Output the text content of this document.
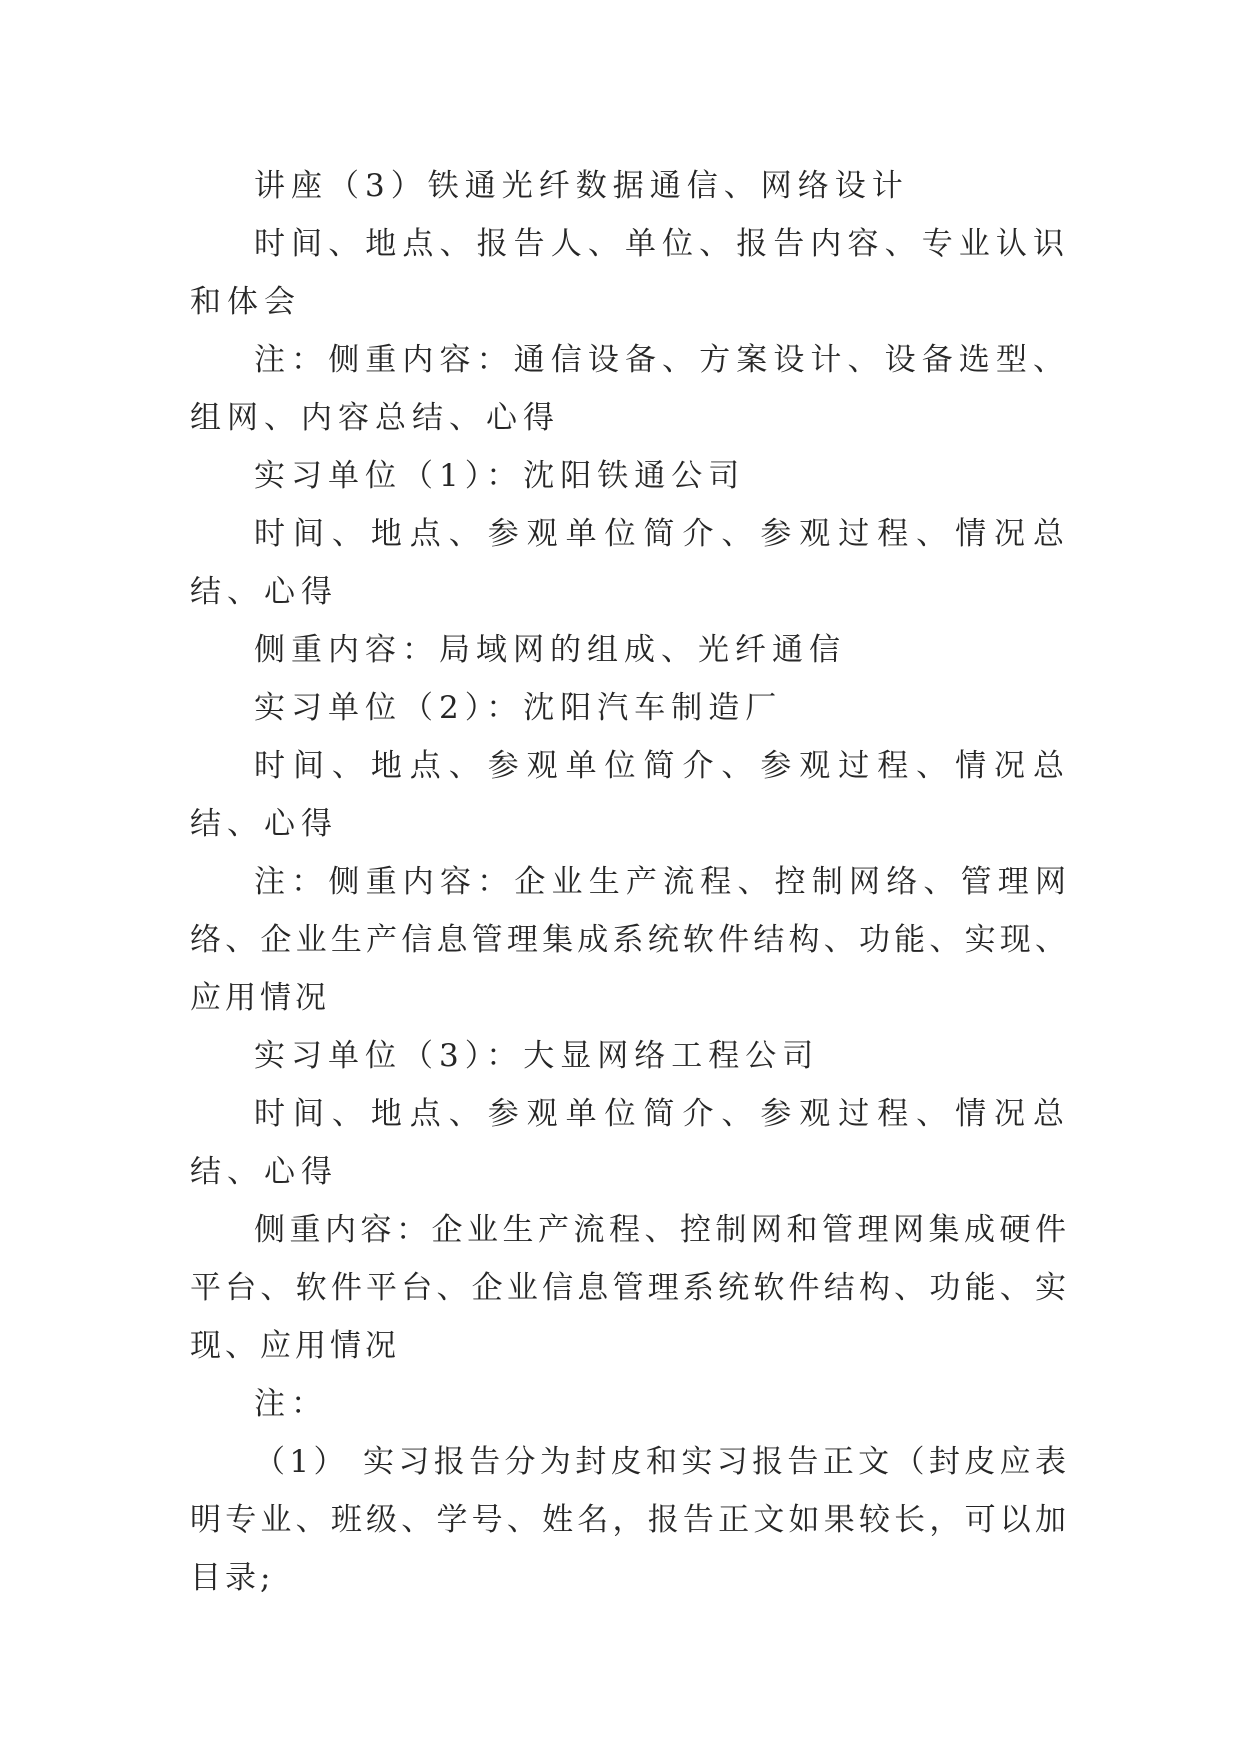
讲座（3）铁通光纤数据通信、网络设计

时间、地点、报告人、单位、报告内容、专业认识和体会

注：侧重内容：通信设备、方案设计、设备选型、组网、内容总结、心得

实习单位（1）：沈阳铁通公司

时间、地点、参观单位简介、参观过程、情况总结、心得

侧重内容：局域网的组成、光纤通信

实习单位（2）：沈阳汽车制造厂

时间、地点、参观单位简介、参观过程、情况总结、心得

注：侧重内容：企业生产流程、控制网络、管理网络、企业生产信息管理集成系统软件结构、功能、实现、应用情况

实习单位（3）：大显网络工程公司

时间、地点、参观单位简介、参观过程、情况总结、心得

侧重内容：企业生产流程、控制网和管理网集成硬件平台、软件平台、企业信息管理系统软件结构、功能、实现、应用情况

注：

（1） 实习报告分为封皮和实习报告正文（封皮应表明专业、班级、学号、姓名，报告正文如果较长，可以加目录;
